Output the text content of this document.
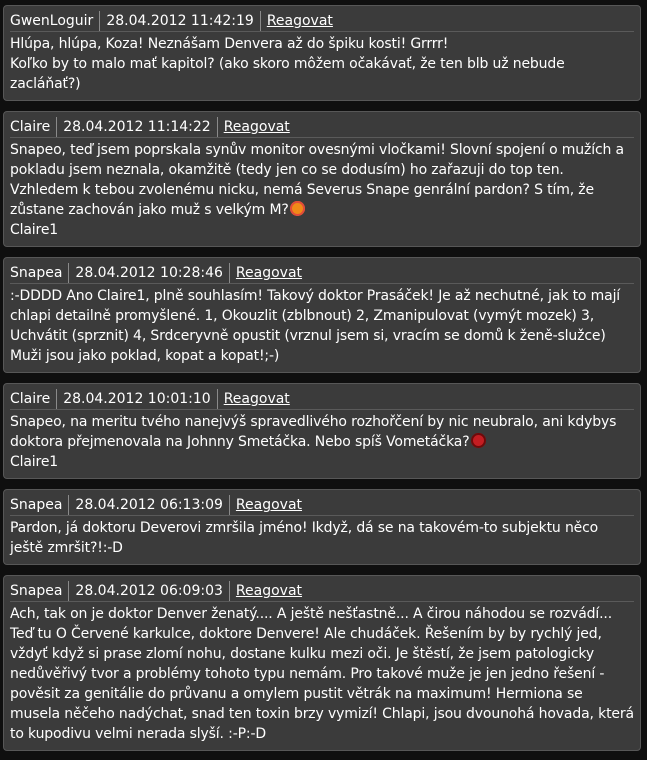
GwenLoguir 28.04.2012 11:42:19 Reagovat

Hlúpa, hlúpa, Koza! Neznášam Denvera až do špiku kosti! Grrrr!

Koľko by to malo mať kapitol? (ako skoro môžem očakávať, že ten blb už nebude zacláňať?)

Claire 28.04.2012 11:14:22 Reagovat

Snapeo, teď jsem poprskala synův monitor ovesnými vločkami! Slovní spojení o mužích a pokladu jsem neznala, okamžitě (tedy jen co se dodusím) ho zařazuji do top ten.

Vzhledem k tebou zvolenému nicku, nemá Severus Snape genrální pardon? S tím, že zůstane zachován jako muž s velkým M?

Claire1

Snapea 28.04.2012 10:28:46 Reagovat

:-DDDD Ano Claire1, plně souhlasím! Takový doktor Prasáček! Je až nechutné, jak to mají chlapi detailně promyšlené. 1, Okouzlit (zblbnout) 2, Zmanipulovat (vymýt mozek) 3, Uchvátit (sprznit) 4, Srdceryvně opustit (vrznul jsem si, vracím se domů k ženě-služce) Muži jsou jako poklad, kopat a kopat!;-)

Claire 28.04.2012 10:01:10 Reagovat

Snapeo, na meritu tvého nanejvýš spravedlivého rozhořčení by nic neubralo, ani kdybys doktora přejmenovala na Johnny Smetáčka. Nebo spíš Vometáčka?

Claire1

Snapea 28.04.2012 06:13:09 Reagovat

Pardon, já doktoru Deverovi zmršila jméno! Ikdyž, dá se na takovém-to subjektu něco ještě zmršit?!:-D

Snapea 28.04.2012 06:09:03 Reagovat

Ach, tak on je doktor Denver ženatý.... A ještě nešťastně... A čirou náhodou se rozvádí... Teď tu O Červené karkulce, doktore Denvere! Ale chudáček. Řešením by by rychlý jed, vždyť když si prase zlomí nohu, dostane kulku mezi oči. Je štěstí, že jsem patologicky nedůvěřivý tvor a problémy tohoto typu nemám. Pro takové muže je jen jedno řešení - pověsit za genitálie do průvanu a omylem pustit větrák na maximum! Hermiona se musela něčeho nadýchat, snad ten toxin brzy vymizí! Chlapi, jsou dvounohá hovada, která to kupodivu velmi nerada slyší. :-P:-D
